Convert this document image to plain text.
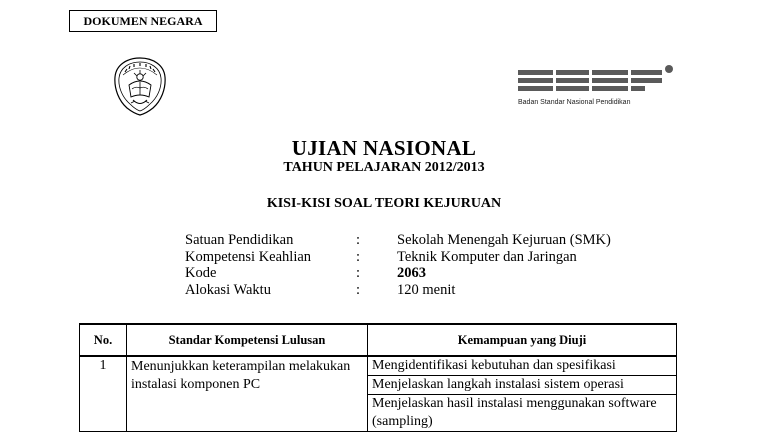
DOKUMEN NEGARA
Badan Standar Nasional Pendidikan
UJIAN NASIONAL
TAHUN PELAJARAN 2012/2013
KISI-KISI SOAL TEORI KEJURUAN
Satuan Pendidikan	:	Sekolah Menengah Kejuruan (SMK)
Kompetensi Keahlian	:	Teknik Komputer dan Jaringan
Kode	:	2063
Alokasi Waktu	:	120 menit
No.	Standar Kompetensi Lulusan	Kemampuan yang Diuji
1	Menunjukkan keterampilan melakukan instalasi komponen PC	Mengidentifikasi kebutuhan dan spesifikasi
		Menjelaskan langkah instalasi sistem operasi
		Menjelaskan hasil instalasi menggunakan software (sampling)
